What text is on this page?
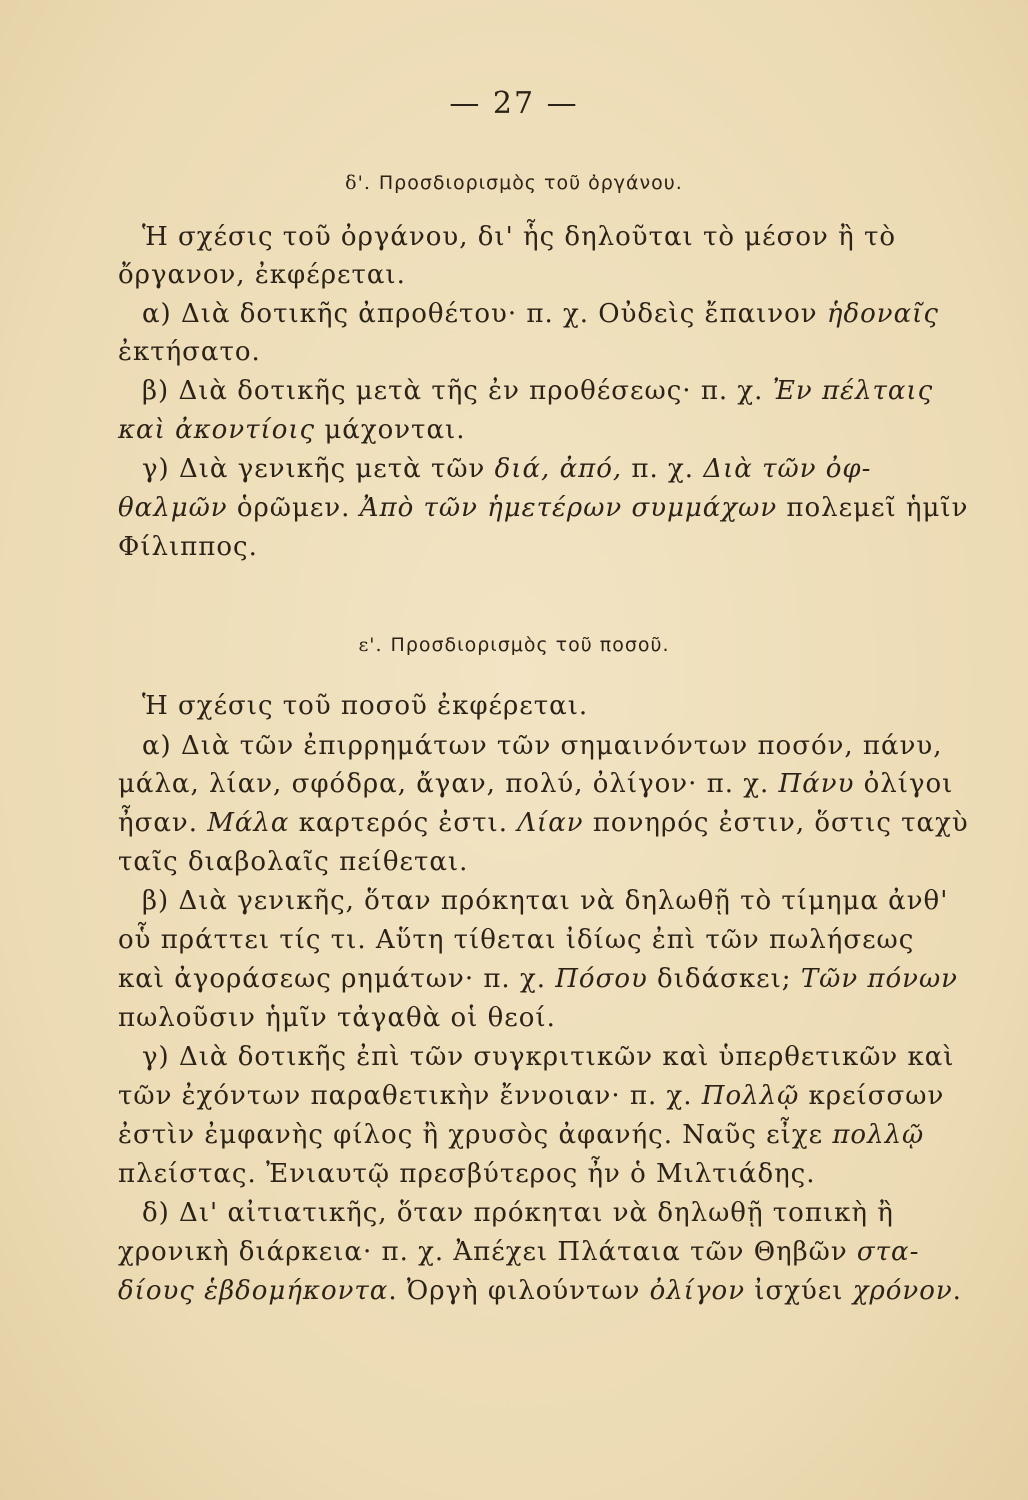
— 27 —
δ'. Προσδιορισμὸς τοῦ ὀργάνου.
Ἡ σχέσις τοῦ ὀργάνου, δι' ἧς δηλοῦται τὸ μέσον ἢ τὸ
ὄργανον, ἐκφέρεται.
α) Διὰ δοτικῆς ἀπροθέτου· π. χ. Οὐδεὶς ἔπαινον ἡδοναῖς
ἐκτήσατο.
β) Διὰ δοτικῆς μετὰ τῆς ἐν προθέσεως· π. χ. Ἐν πέλταις
καὶ ἀκοντίοις μάχονται.
γ) Διὰ γενικῆς μετὰ τῶν διά, ἀπό, π. χ. Διὰ τῶν ὀφ-
θαλμῶν ὁρῶμεν. Ἀπὸ τῶν ἡμετέρων συμμάχων πολεμεῖ ἡμῖν
Φίλιππος.
ε'. Προσδιορισμὸς τοῦ ποσοῦ.
Ἡ σχέσις τοῦ ποσοῦ ἐκφέρεται.
α) Διὰ τῶν ἐπιρρημάτων τῶν σημαινόντων ποσόν, πάνυ,
μάλα, λίαν, σφόδρα, ἄγαν, πολύ, ὀλίγον· π. χ. Πάνυ ὀλίγοι
ἦσαν. Μάλα καρτερός ἐστι. Λίαν πονηρός ἐστιν, ὅστις ταχὺ
ταῖς διαβολαῖς πείθεται.
β) Διὰ γενικῆς, ὅταν πρόκηται νὰ δηλωθῇ τὸ τίμημα ἀνθ'
οὗ πράττει τίς τι. Αὕτη τίθεται ἰδίως ἐπὶ τῶν πωλήσεως
καὶ ἀγοράσεως ρημάτων· π. χ. Πόσου διδάσκει; Τῶν πόνων
πωλοῦσιν ἡμῖν τἀγαθὰ οἱ θεοί.
γ) Διὰ δοτικῆς ἐπὶ τῶν συγκριτικῶν καὶ ὑπερθετικῶν καὶ
τῶν ἐχόντων παραθετικὴν ἔννοιαν· π. χ. Πολλῷ κρείσσων
ἐστὶν ἐμφανὴς φίλος ἢ χρυσὸς ἀφανής. Ναῦς εἶχε πολλῷ
πλείστας. Ἐνιαυτῷ πρεσβύτερος ἦν ὁ Μιλτιάδης.
δ) Δι' αἰτιατικῆς, ὅταν πρόκηται νὰ δηλωθῇ τοπικὴ ἢ
χρονικὴ διάρκεια· π. χ. Ἀπέχει Πλάταια τῶν Θηβῶν στα-
δίους ἑβδομήκοντα. Ὀργὴ φιλούντων ὀλίγον ἰσχύει χρόνον.
